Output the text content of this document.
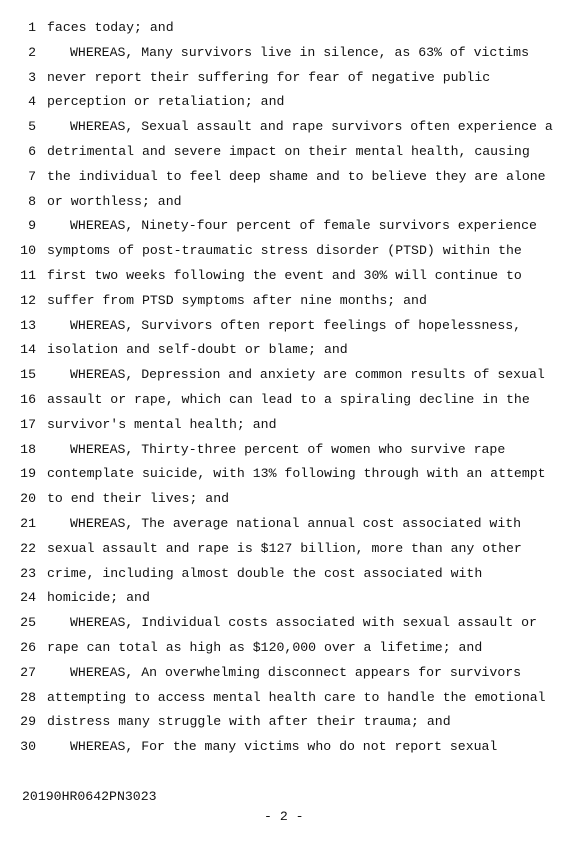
1 faces today; and
2	WHEREAS, Many survivors live in silence, as 63% of victims
3 never report their suffering for fear of negative public
4 perception or retaliation; and
5	WHEREAS, Sexual assault and rape survivors often experience a
6 detrimental and severe impact on their mental health, causing
7 the individual to feel deep shame and to believe they are alone
8 or worthless; and
9	WHEREAS, Ninety-four percent of female survivors experience
10 symptoms of post-traumatic stress disorder (PTSD) within the
11 first two weeks following the event and 30% will continue to
12 suffer from PTSD symptoms after nine months; and
13	WHEREAS, Survivors often report feelings of hopelessness,
14 isolation and self-doubt or blame; and
15	WHEREAS, Depression and anxiety are common results of sexual
16 assault or rape, which can lead to a spiraling decline in the
17 survivor's mental health; and
18	WHEREAS, Thirty-three percent of women who survive rape
19 contemplate suicide, with 13% following through with an attempt
20 to end their lives; and
21	WHEREAS, The average national annual cost associated with
22 sexual assault and rape is $127 billion, more than any other
23 crime, including almost double the cost associated with
24 homicide; and
25	WHEREAS, Individual costs associated with sexual assault or
26 rape can total as high as $120,000 over a lifetime; and
27	WHEREAS, An overwhelming disconnect appears for survivors
28 attempting to access mental health care to handle the emotional
29 distress many struggle with after their trauma; and
30	WHEREAS, For the many victims who do not report sexual

20190HR0642PN3023

- 2 -
